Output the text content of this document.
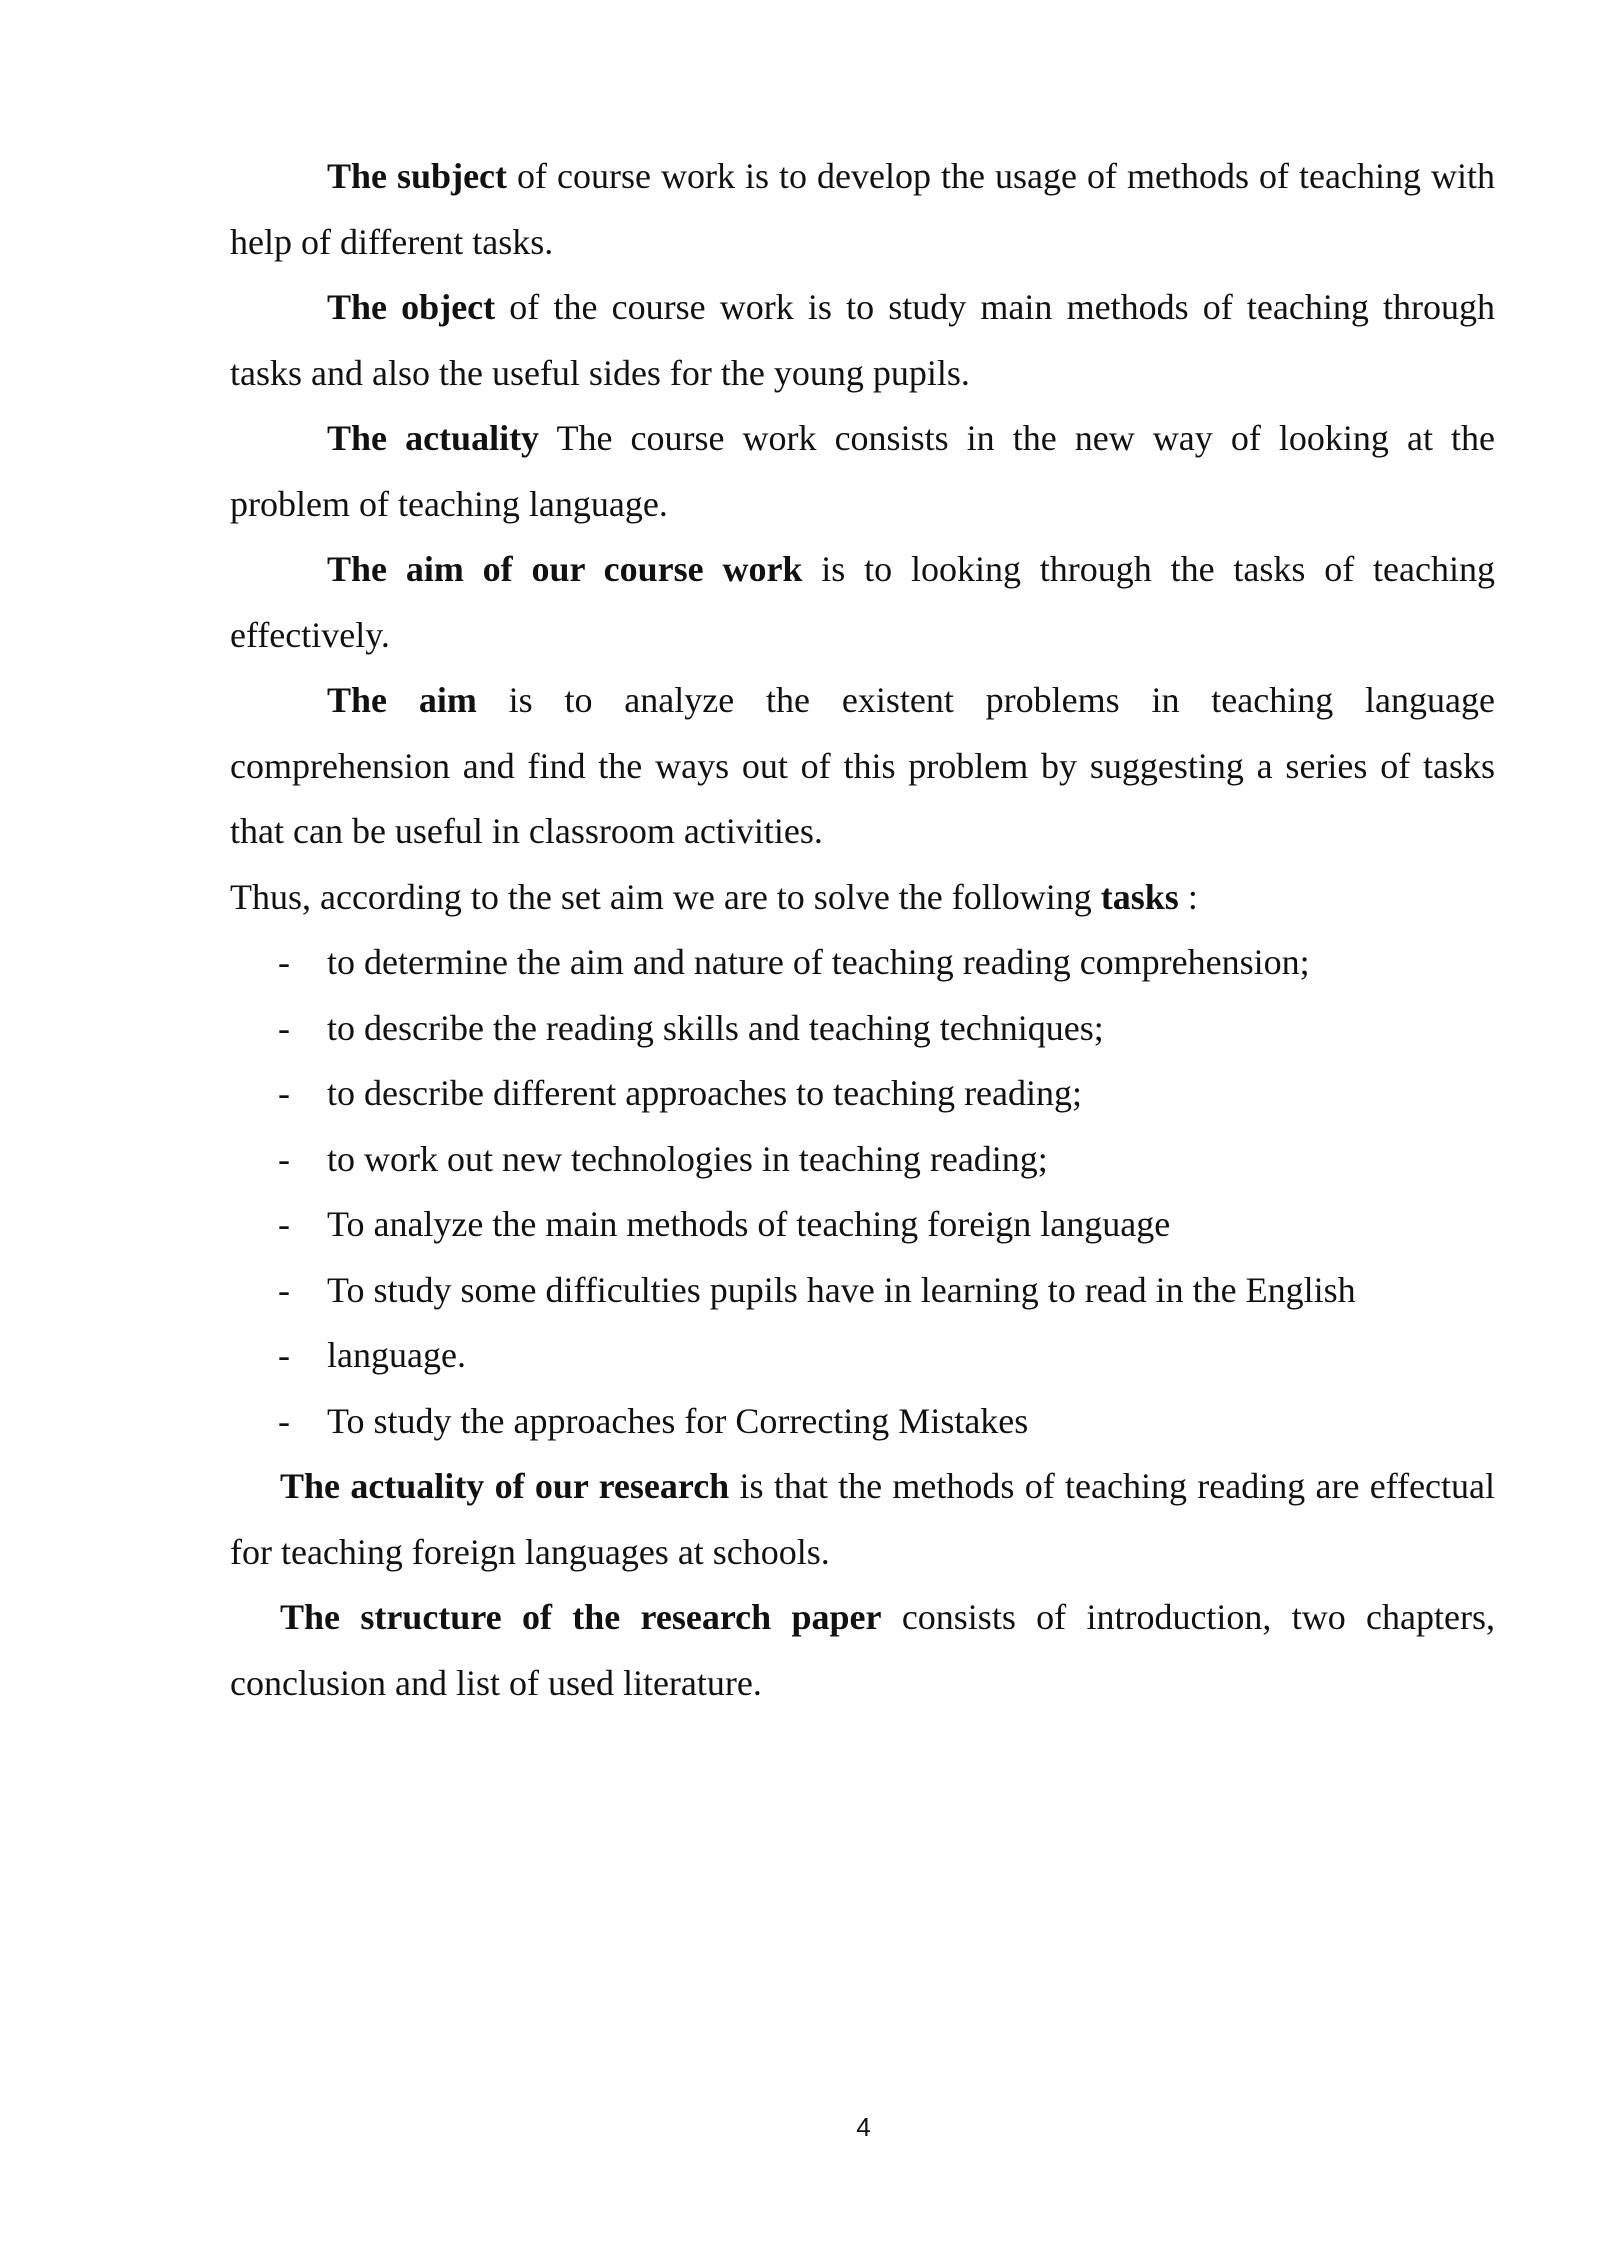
The subject of course work is to develop the usage of methods of teaching with help of different tasks.

The object of the course work is to study main methods of teaching through tasks and also the useful sides for the young pupils.

The actuality The course work consists in the new way of looking at the problem of teaching language.

The aim of our course work is to looking through the tasks of teaching effectively.

The aim is to analyze the existent problems in teaching language comprehension and find the ways out of this problem by suggesting a series of tasks that can be useful in classroom activities.

Thus, according to the set aim we are to solve the following tasks :

- to determine the aim and nature of teaching reading comprehension;
- to describe the reading skills and teaching techniques;
- to describe different approaches to teaching reading;
- to work out new technologies in teaching reading;
- To analyze the main methods of teaching foreign language
- To study some difficulties pupils have in learning to read in the English
- language.
- To study the approaches for Correcting Mistakes

The actuality of our research is that the methods of teaching reading are effectual for teaching foreign languages at schools.

The structure of the research paper consists of introduction, two chapters, conclusion and list of used literature.

4
